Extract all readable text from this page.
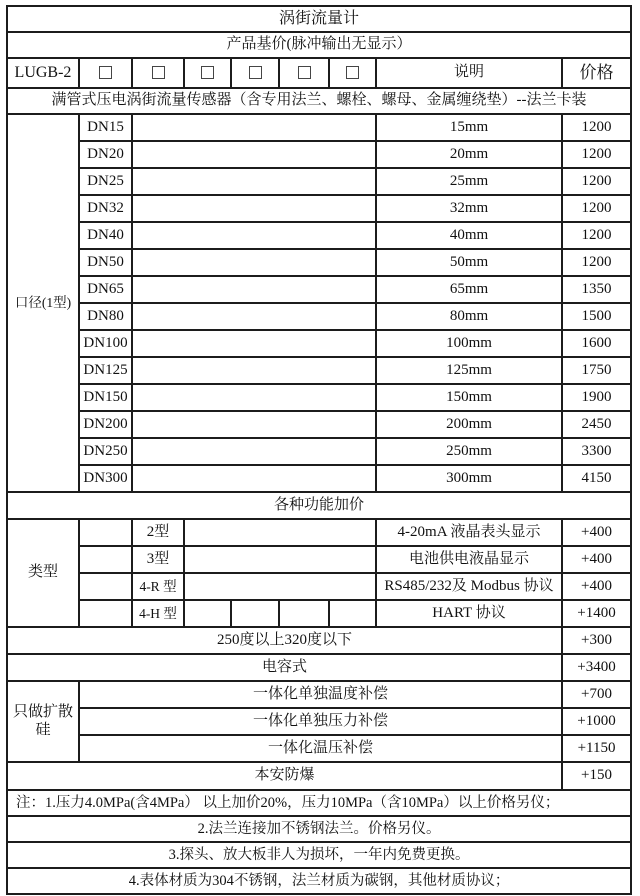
涡街流量计								
产品基价(脉冲输出无显示）								
LUGB-2							说明	价格
满管式压电涡街流量传感器（含专用法兰、螺栓、螺母、金属缠绕垫）--法兰卡装								
口径(1型)	DN15						15mm	1200
	DN20						20mm	1200
	DN25						25mm	1200
	DN32						32mm	1200
	DN40						40mm	1200
	DN50						50mm	1200
	DN65						65mm	1350
	DN80						80mm	1500
	DN100						100mm	1600
	DN125						125mm	1750
	DN150						150mm	1900
	DN200						200mm	2450
	DN250						250mm	3300
	DN300						300mm	4150
各种功能加价								
类型		2型					4-20mA 液晶表头显示	+400
		3型					电池供电液晶显示	+400
		4-R 型					RS485/232及 Modbus 协议	+400
		4-H 型					HART 协议	+1400
250度以上320度以下								+300
电容式								+3400
只做扩散硅	一体化单独温度补偿							+700
	一体化单独压力补偿							+1000
	一体化温压补偿							+1150
本安防爆								+150
注：1.压力4.0MPa(含4MPa） 以上加价20%，压力10MPa（含10MPa）以上价格另仪；								
2.法兰连接加不锈钢法兰。价格另仪。								
3.探头、放大板非人为损坏，一年内免费更换。								
4.表体材质为304不锈钢，法兰材质为碳钢，其他材质协议；								
